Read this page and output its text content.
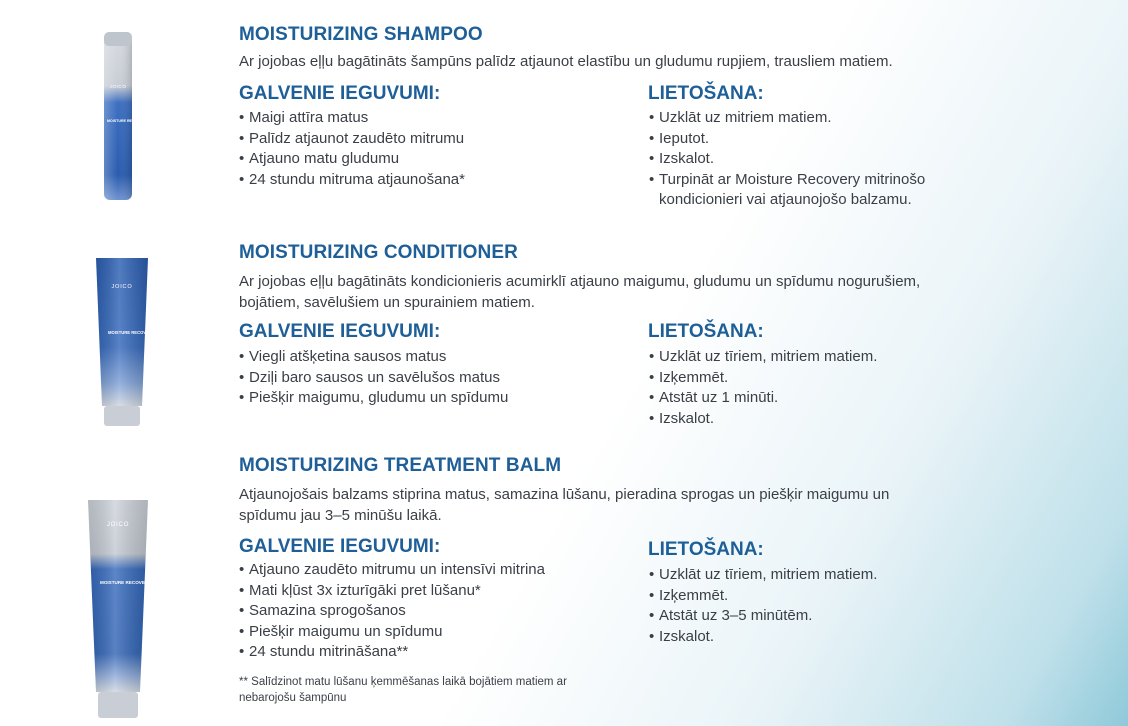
JOICO
MOISTURE RECOVERY
MOISTURIZING SHAMPOO

Ar jojobas eļļu bagātināts šampūns palīdz atjaunot elastību un gludumu rupjiem, trausliem matiem.

GALVENIE IEGUVUMI:
• Maigi attīra matus
• Palīdz atjaunot zaudēto mitrumu
• Atjauno matu gludumu
• 24 stundu mitruma atjaunošana*
LIETOŠANA:
• Uzklāt uz mitriem matiem.
• Ieputot.
• Izskalot.
• Turpināt ar Moisture Recovery mitrinošo kondicionieri vai atjaunojošo balzamu.
JOICO
MOISTURE RECOVERY
MOISTURIZING CONDITIONER

Ar jojobas eļļu bagātināts kondicionieris acumirklī atjauno maigumu, gludumu un spīdumu nogurušiem, bojātiem, savēlušiem un spurainiem matiem.

GALVENIE IEGUVUMI:
• Viegli atšķetina sausos matus
• Dziļi baro sausos un savēlušos matus
• Piešķir maigumu, gludumu un spīdumu
LIETOŠANA:
• Uzklāt uz tīriem, mitriem matiem.
• Izķemmēt.
• Atstāt uz 1 minūti.
• Izskalot.
JOICO
MOISTURE RECOVERY
MOISTURIZING TREATMENT BALM

Atjaunojošais balzams stiprina matus, samazina lūšanu, pieradina sprogas un piešķir maigumu un spīdumu jau 3–5 minūšu laikā.

GALVENIE IEGUVUMI:
• Atjauno zaudēto mitrumu un intensīvi mitrina
• Mati kļūst 3x izturīgāki pret lūšanu*
• Samazina sprogošanos
• Piešķir maigumu un spīdumu
• 24 stundu mitrināšana**
LIETOŠANA:
• Uzklāt uz tīriem, mitriem matiem.
• Izķemmēt.
• Atstāt uz 3–5 minūtēm.
• Izskalot.

** Salīdzinot matu lūšanu ķemmēšanas laikā bojātiem matiem ar nebarojošu šampūnu
